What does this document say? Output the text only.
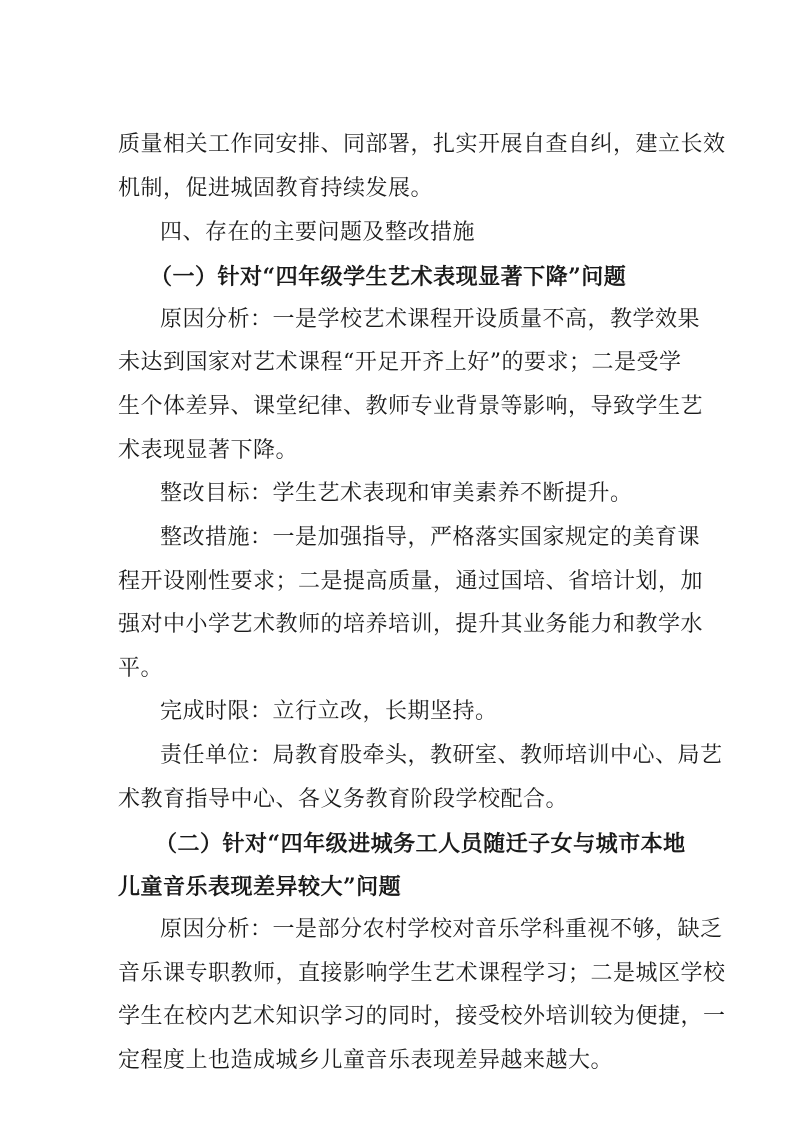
质量相关工作同安排、同部署，扎实开展自查自纠，建立长效
机制，促进城固教育持续发展。
四、存在的主要问题及整改措施
（一）针对“四年级学生艺术表现显著下降”问题
原因分析：一是学校艺术课程开设质量不高，教学效果
未达到国家对艺术课程“开足开齐上好”的要求；二是受学
生个体差异、课堂纪律、教师专业背景等影响，导致学生艺
术表现显著下降。
整改目标：学生艺术表现和审美素养不断提升。
整改措施：一是加强指导，严格落实国家规定的美育课
程开设刚性要求；二是提高质量，通过国培、省培计划，加
强对中小学艺术教师的培养培训，提升其业务能力和教学水
平。
完成时限：立行立改，长期坚持。
责任单位：局教育股牵头，教研室、教师培训中心、局艺
术教育指导中心、各义务教育阶段学校配合。
（二）针对“四年级进城务工人员随迁子女与城市本地
儿童音乐表现差异较大”问题
原因分析：一是部分农村学校对音乐学科重视不够，缺乏
音乐课专职教师，直接影响学生艺术课程学习；二是城区学校
学生在校内艺术知识学习的同时，接受校外培训较为便捷，一
定程度上也造成城乡儿童音乐表现差异越来越大。
